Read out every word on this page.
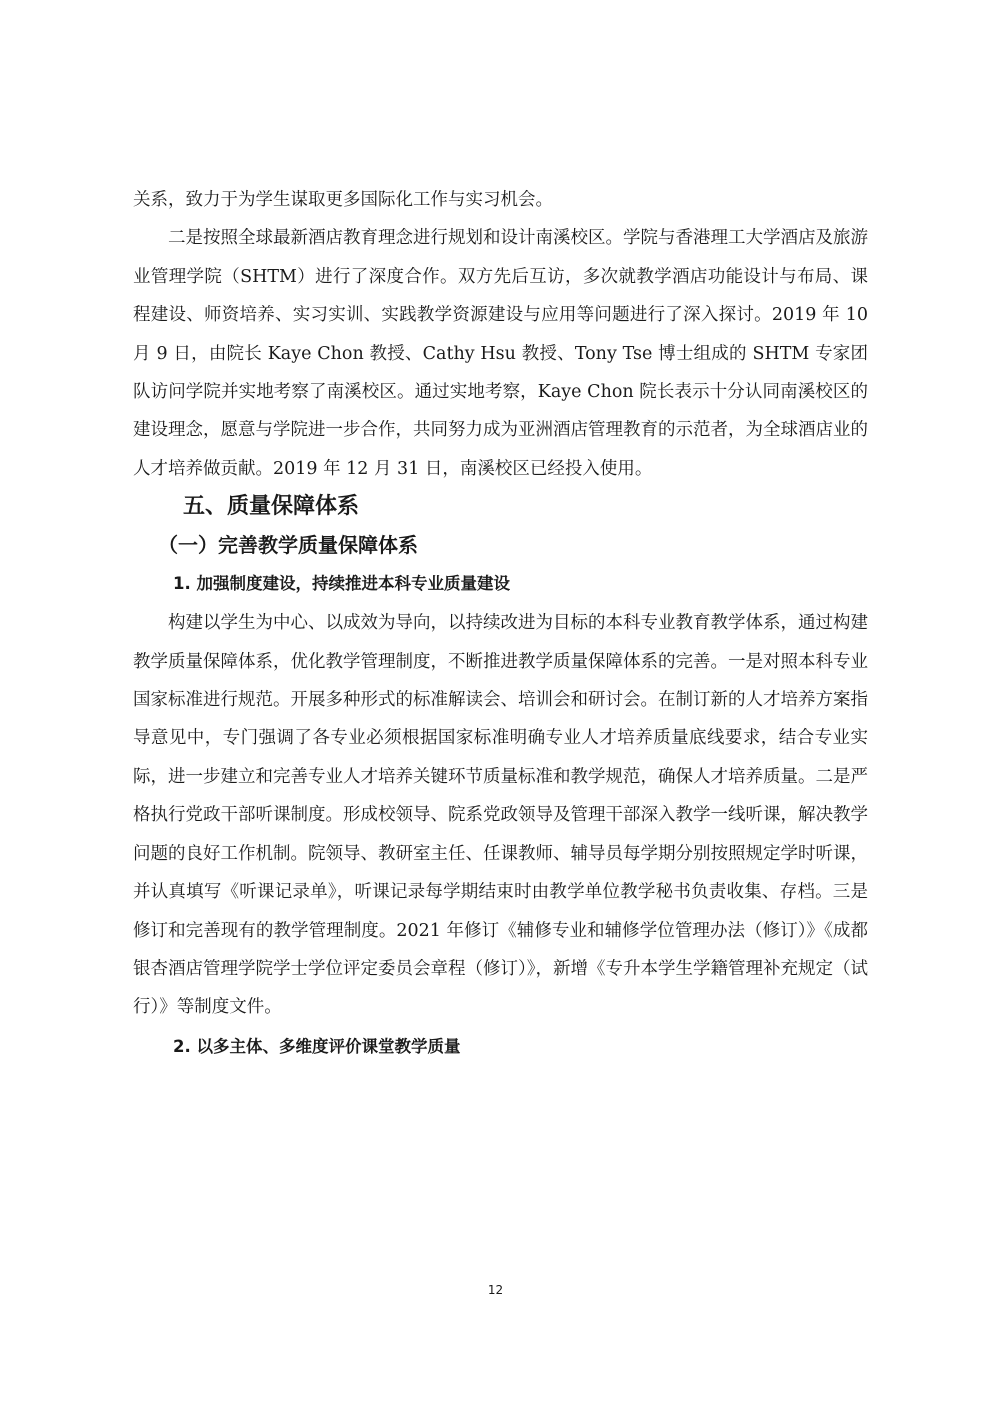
关系，致力于为学生谋取更多国际化工作与实习机会。

二是按照全球最新酒店教育理念进行规划和设计南溪校区。学院与香港理工大学酒店及旅游业管理学院（SHTM）进行了深度合作。双方先后互访，多次就教学酒店功能设计与布局、课程建设、师资培养、实习实训、实践教学资源建设与应用等问题进行了深入探讨。2019 年 10 月 9 日，由院长 Kaye Chon 教授、Cathy Hsu 教授、Tony Tse 博士组成的 SHTM 专家团队访问学院并实地考察了南溪校区。通过实地考察，Kaye Chon 院长表示十分认同南溪校区的建设理念，愿意与学院进一步合作，共同努力成为亚洲酒店管理教育的示范者，为全球酒店业的人才培养做贡献。2019 年 12 月 31 日，南溪校区已经投入使用。

五、质量保障体系
（一）完善教学质量保障体系
1. 加强制度建设，持续推进本科专业质量建设

构建以学生为中心、以成效为导向，以持续改进为目标的本科专业教育教学体系，通过构建教学质量保障体系，优化教学管理制度，不断推进教学质量保障体系的完善。一是对照本科专业国家标准进行规范。开展多种形式的标准解读会、培训会和研讨会。在制订新的人才培养方案指导意见中，专门强调了各专业必须根据国家标准明确专业人才培养质量底线要求，结合专业实际，进一步建立和完善专业人才培养关键环节质量标准和教学规范，确保人才培养质量。二是严格执行党政干部听课制度。形成校领导、院系党政领导及管理干部深入教学一线听课，解决教学问题的良好工作机制。院领导、教研室主任、任课教师、辅导员每学期分别按照规定学时听课，并认真填写《听课记录单》，听课记录每学期结束时由教学单位教学秘书负责收集、存档。三是修订和完善现有的教学管理制度。2021 年修订《辅修专业和辅修学位管理办法（修订）》《成都银杏酒店管理学院学士学位评定委员会章程（修订）》，新增《专升本学生学籍管理补充规定（试行）》等制度文件。

2. 以多主体、多维度评价课堂教学质量
12
